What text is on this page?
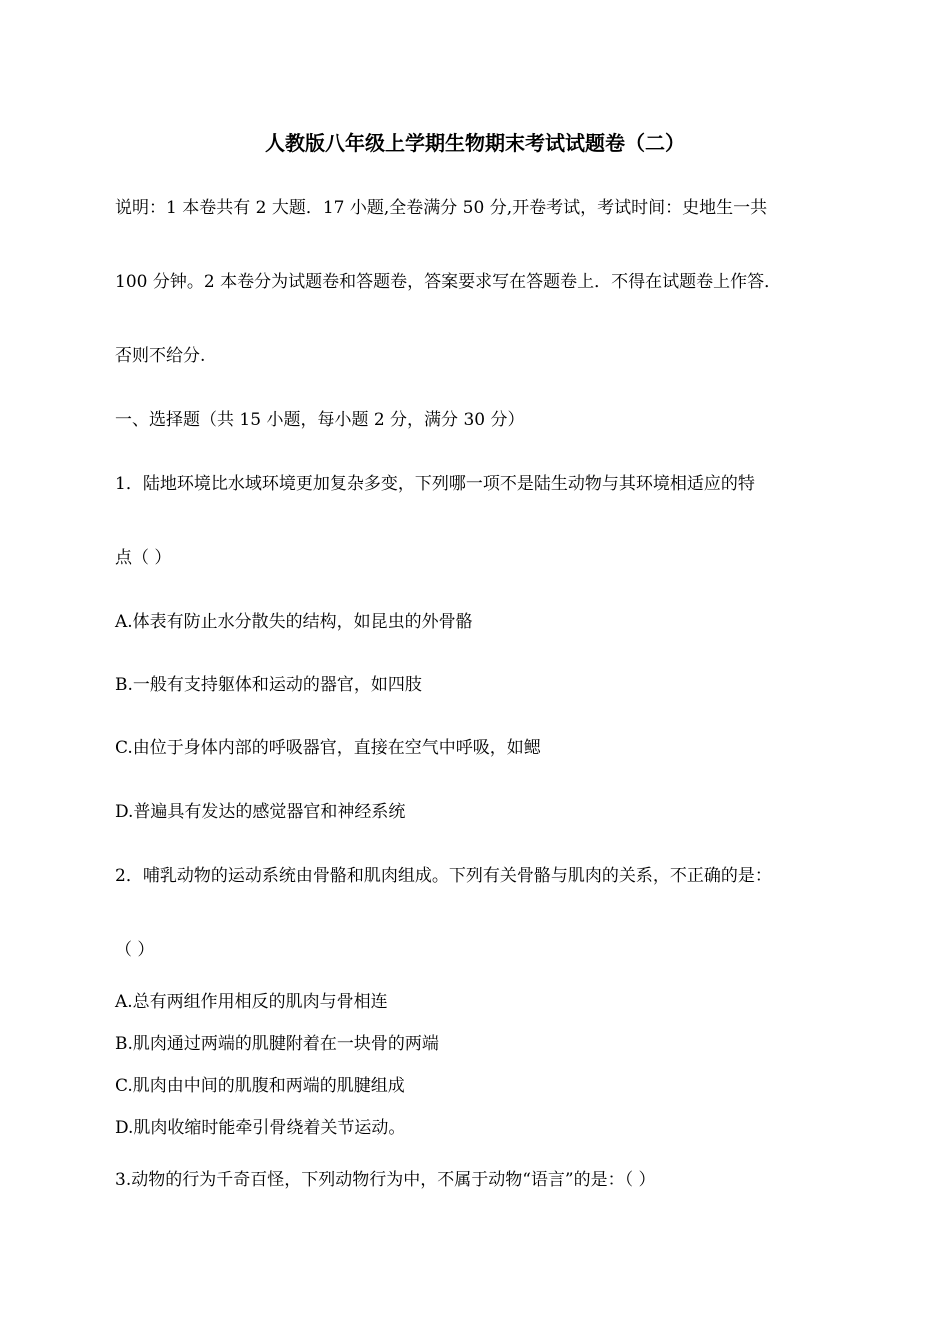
人教版八年级上学期生物期末考试试题卷（二）
说明：1 本卷共有 2 大题．17 小题,全卷满分 50 分,开卷考试，考试时间：史地生一共
100 分钟。2 本卷分为试题卷和答题卷，答案要求写在答题卷上．不得在试题卷上作答．
否则不给分.
一、选择题（共 15 小题，每小题 2 分，满分 30 分）
1．陆地环境比水域环境更加复杂多变，下列哪一项不是陆生动物与其环境相适应的特
点（ ）
A.体表有防止水分散失的结构，如昆虫的外骨骼
B.一般有支持躯体和运动的器官，如四肢
C.由位于身体内部的呼吸器官，直接在空气中呼吸，如鳃
D.普遍具有发达的感觉器官和神经系统
2．哺乳动物的运动系统由骨骼和肌肉组成。下列有关骨骼与肌肉的关系，不正确的是：
（ ）
A.总有两组作用相反的肌肉与骨相连
B.肌肉通过两端的肌腱附着在一块骨的两端
C.肌肉由中间的肌腹和两端的肌腱组成
D.肌肉收缩时能牵引骨绕着关节运动。
3.动物的行为千奇百怪，下列动物行为中，不属于动物“语言”的是：（ ）
